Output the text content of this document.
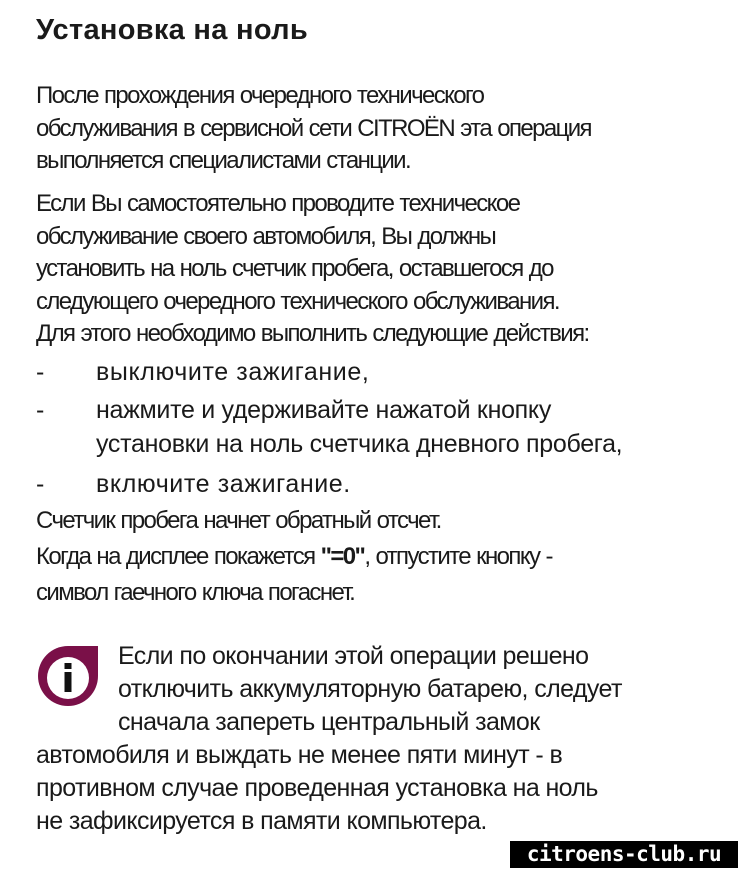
Установка на ноль
После прохождения очередного технического
обслуживания в сервисной сети CITROËN эта операция
выполняется специалистами станции.
Если Вы самостоятельно проводите техническое
обслуживание своего автомобиля, Вы должны
установить на ноль счетчик пробега, оставшегося до
следующего очередного технического обслуживания.
Для этого необходимо выполнить следующие действия:
- выключите зажигание,
- нажмите и удерживайте нажатой кнопку
установки на ноль счетчика дневного пробега,
- включите зажигание.
Счетчик пробега начнет обратный отсчет.
Когда на дисплее покажется "=0", отпустите кнопку -
символ гаечного ключа погаснет.
Если по окончании этой операции решено
отключить аккумуляторную батарею, следует
сначала запереть центральный замок
автомобиля и выждать не менее пяти минут - в
противном случае проведенная установка на ноль
не зафиксируется в памяти компьютера.
citroens-club.ru
